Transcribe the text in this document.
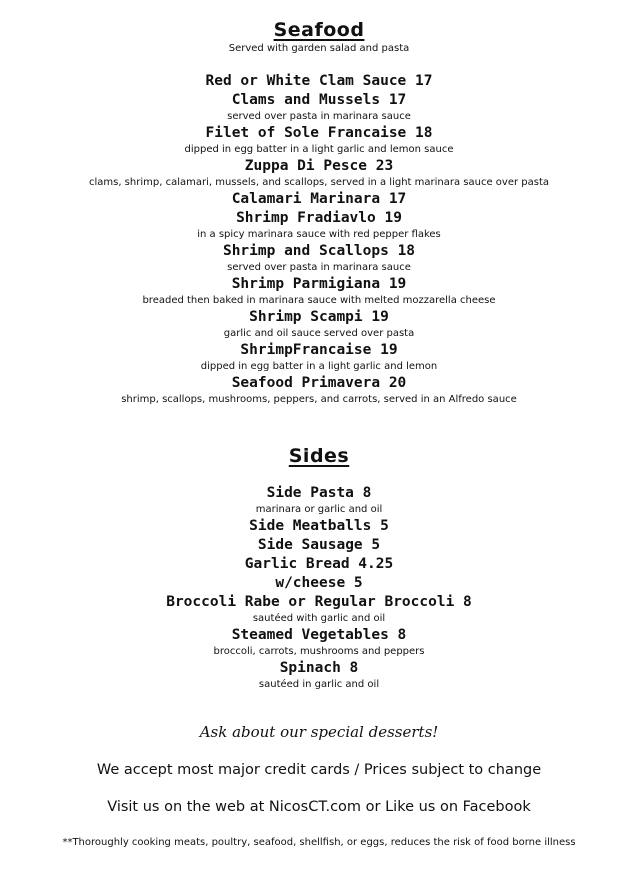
Seafood
Served with garden salad and pasta
Red or White Clam Sauce 17
Clams and Mussels 17
served over pasta in marinara sauce
Filet of Sole Francaise 18
dipped in egg batter in a light garlic and lemon sauce
Zuppa Di Pesce 23
clams, shrimp, calamari, mussels, and scallops, served in a light marinara sauce over pasta
Calamari Marinara 17
Shrimp Fradiavlo 19
in a spicy marinara sauce with red pepper flakes
Shrimp and Scallops 18
served over pasta in marinara sauce
Shrimp Parmigiana 19
breaded then baked in marinara sauce with melted mozzarella cheese
Shrimp Scampi 19
garlic and oil sauce served over pasta
ShrimpFrancaise 19
dipped in egg batter in a light garlic and lemon
Seafood Primavera 20
shrimp, scallops, mushrooms, peppers, and carrots, served in an Alfredo sauce
Sides
Side Pasta 8
marinara or garlic and oil
Side Meatballs 5
Side Sausage 5
Garlic Bread 4.25
w/cheese 5
Broccoli Rabe or Regular Broccoli 8
sautéed with garlic and oil
Steamed Vegetables 8
broccoli, carrots, mushrooms and peppers
Spinach 8
sautéed in garlic and oil
Ask about our special desserts!
We accept most major credit cards / Prices subject to change
Visit us on the web at NicosCT.com or Like us on Facebook
**Thoroughly cooking meats, poultry, seafood, shellfish, or eggs, reduces the risk of food borne illness
